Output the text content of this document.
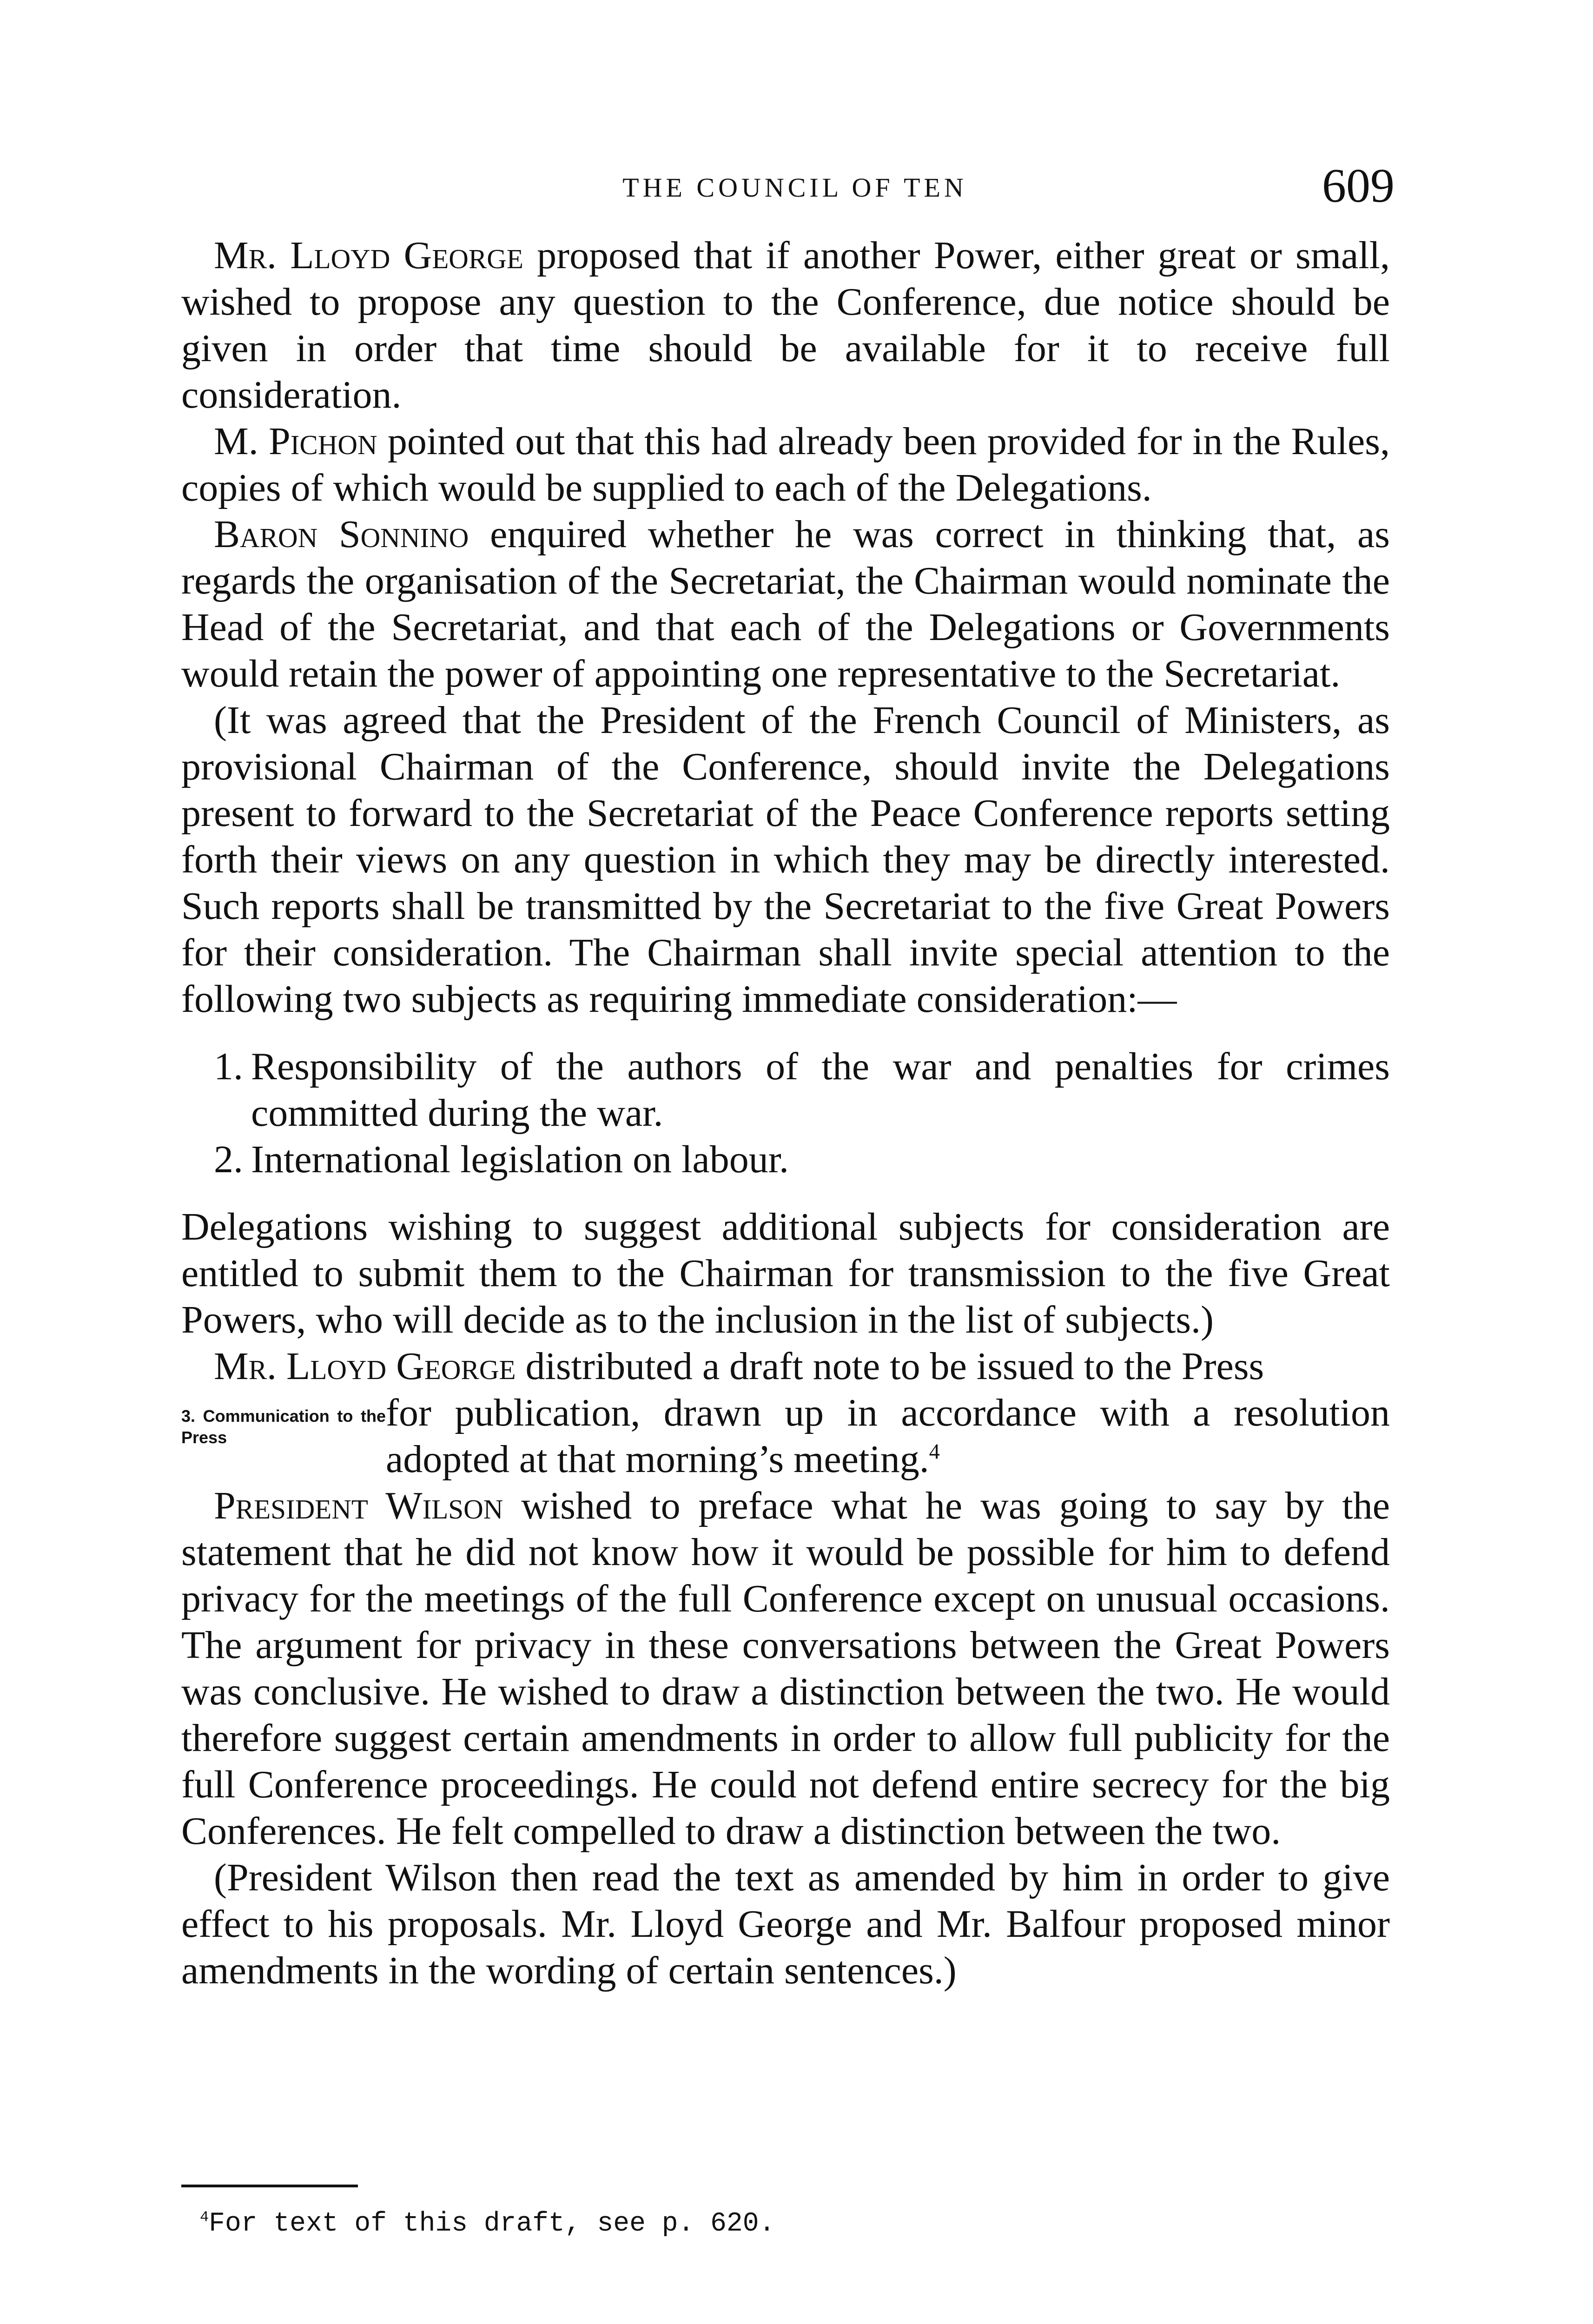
THE COUNCIL OF TEN	609

Mr. Lloyd George proposed that if another Power, either great or small, wished to propose any question to the Conference, due notice should be given in order that time should be available for it to receive full consideration.

M. Pichon pointed out that this had already been provided for in the Rules, copies of which would be supplied to each of the Delegations.

Baron Sonnino enquired whether he was correct in thinking that, as regards the organisation of the Secretariat, the Chairman would nominate the Head of the Secretariat, and that each of the Delegations or Governments would retain the power of appointing one representative to the Secretariat.

(It was agreed that the President of the French Council of Ministers, as provisional Chairman of the Conference, should invite the Delegations present to forward to the Secretariat of the Peace Conference reports setting forth their views on any question in which they may be directly interested. Such reports shall be transmitted by the Secretariat to the five Great Powers for their consideration. The Chairman shall invite special attention to the following two subjects as requiring immediate consideration:—

1. Responsibility of the authors of the war and penalties for crimes committed during the war.
2. International legislation on labour.

Delegations wishing to suggest additional subjects for consideration are entitled to submit them to the Chairman for transmission to the five Great Powers, who will decide as to the inclusion in the list of subjects.)

Mr. Lloyd George distributed a draft note to be issued to the Press

3. Communication to the Press
for publication, drawn up in accordance with a resolution adopted at that morning’s meeting.$^4$

President Wilson wished to preface what he was going to say by the statement that he did not know how it would be possible for him to defend privacy for the meetings of the full Conference except on unusual occasions. The argument for privacy in these conversations between the Great Powers was conclusive. He wished to draw a distinction between the two. He would therefore suggest certain amendments in order to allow full publicity for the full Conference proceedings. He could not defend entire secrecy for the big Conferences. He felt compelled to draw a distinction between the two.

(President Wilson then read the text as amended by him in order to give effect to his proposals. Mr. Lloyd George and Mr. Balfour proposed minor amendments in the wording of certain sentences.)

$^4$For text of this draft, see p. 620.
